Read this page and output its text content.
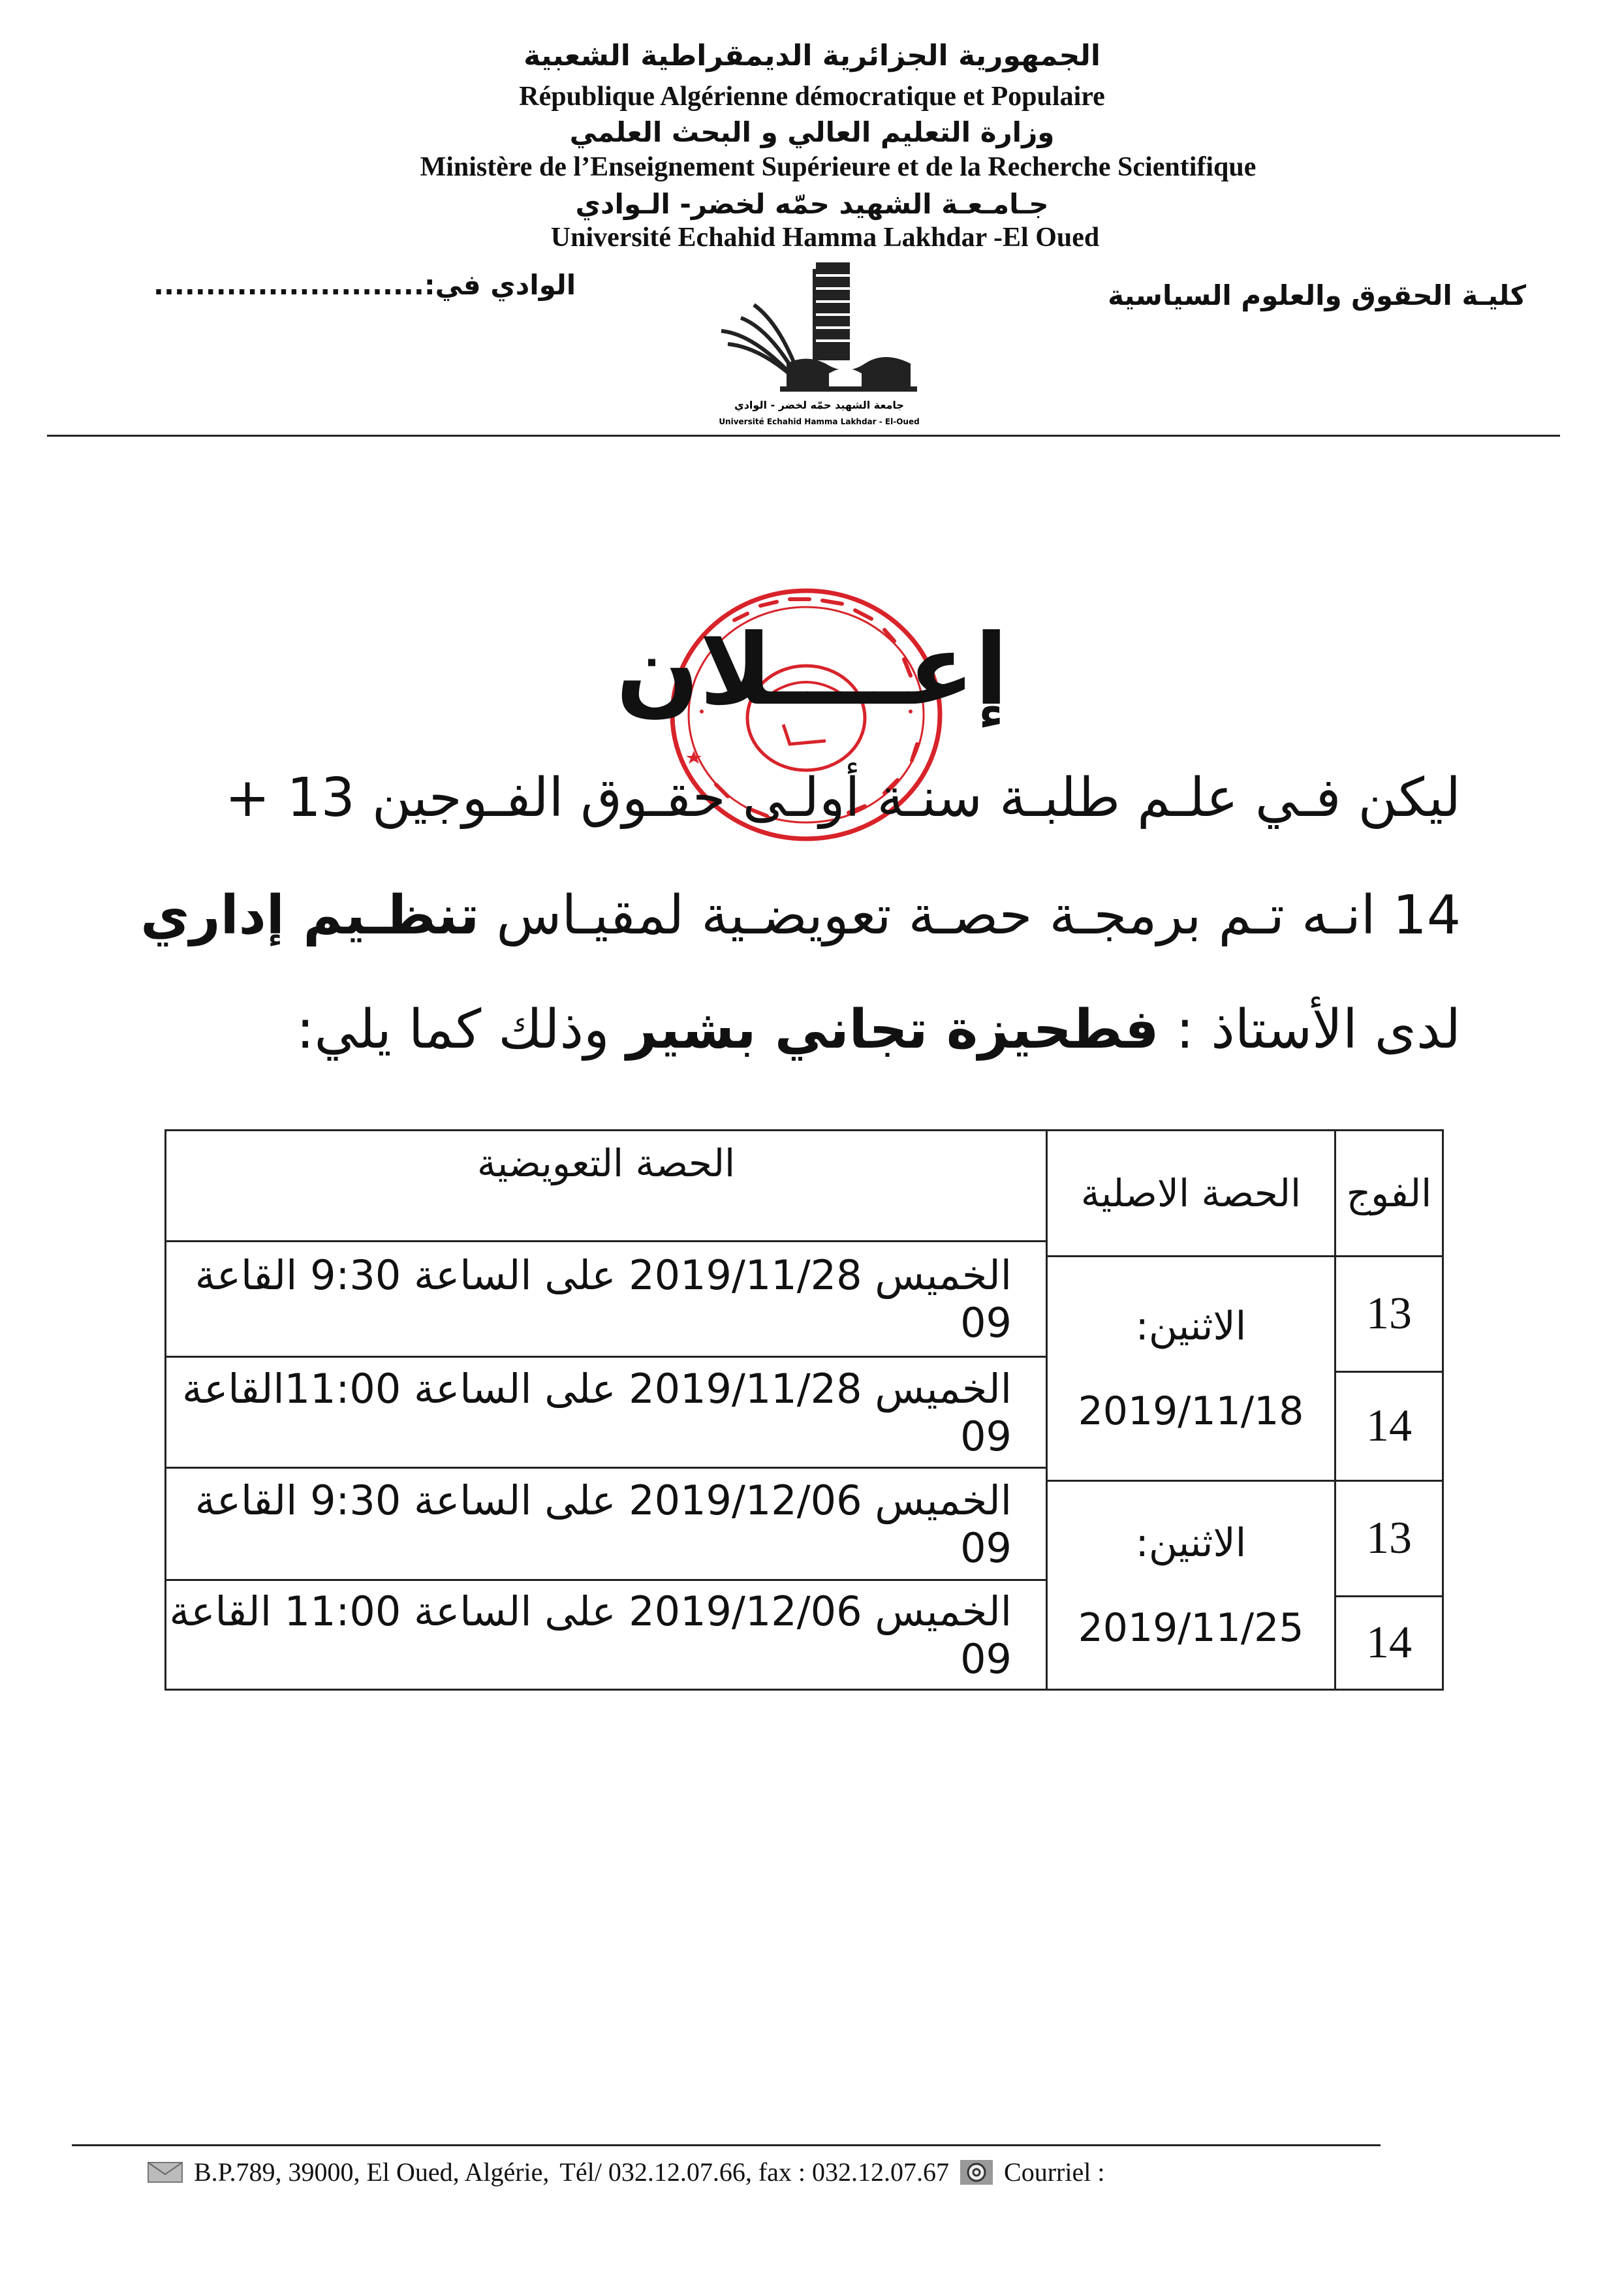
الجمهورية الجزائرية الديمقراطية الشعبية
République Algérienne démocratique et Populaire
وزارة التعليم العالي و البحث العلمي
Ministère de l’Enseignement Supérieure et de la Recherche Scientifique
جـامـعـة الشهيد حمّه لخضر- الـوادي
Université Echahid Hamma Lakhdar -El Oued
كليـة الحقوق والعلوم السياسية
..........................الوادي في:
جامعة الشهيد حمّه لخضر - الوادي
Université Echahid Hamma Lakhdar - El-Oued
إعــــلان
ليكن فـي علـم طلبـة سنـة أولـى حقـوق الفـوجين 13 +
14 انـه تـم برمجـة حصـة تعويضـية لمقيـاس تنظـيم إداري
لدى الأستاذ : فطحيزة تجاني بشير وذلك كما يلي:
الفوج
الحصة الاصلية
الحصة التعويضية
الاثنين:
2019/11/18
13
14
الخميس 2019/11/28 على الساعة 9:30 القاعة 09
الخميس 2019/11/28 على الساعة 11:00القاعة 09
الاثنين:
2019/11/25
13
14
الخميس 2019/12/06 على الساعة 9:30 القاعة 09
الخميس 2019/12/06 على الساعة 11:00 القاعة 09
B.P.789, 39000, El Oued, Algérie, Tél/ 032.12.07.66, fax : 032.12.07.67 Courriel :
